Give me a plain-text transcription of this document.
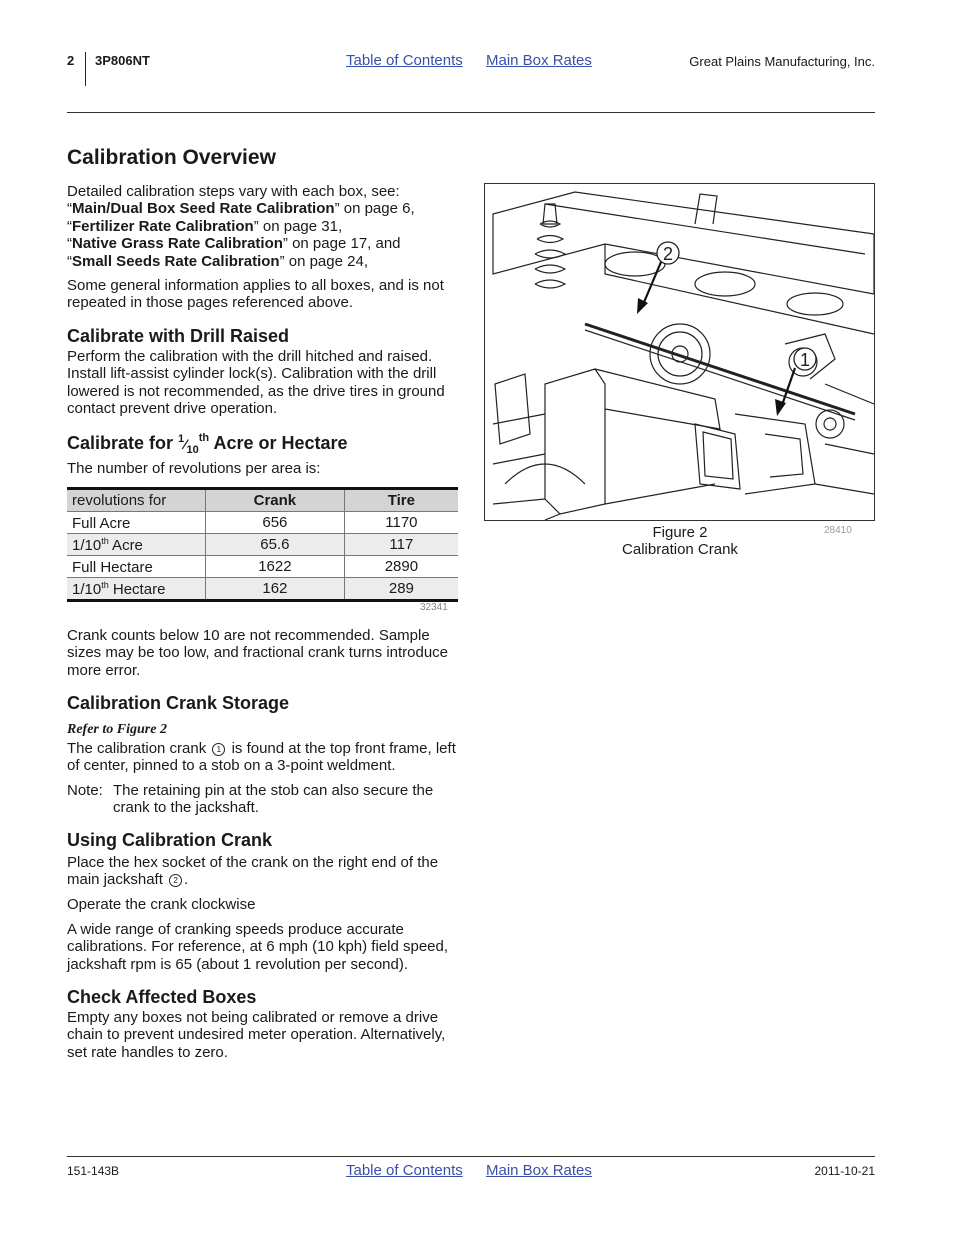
2 3P806NT	Table of Contents Main Box Rates	Great Plains Manufacturing, Inc.
Calibration Overview

Detailed calibration steps vary with each box, see:
“Main/Dual Box Seed Rate Calibration” on page 6,
“Fertilizer Rate Calibration” on page 31,
“Native Grass Rate Calibration” on page 17, and
“Small Seeds Rate Calibration” on page 24,

Some general information applies to all boxes, and is not repeated in those pages referenced above.

Calibrate with Drill Raised

Perform the calibration with the drill hitched and raised. Install lift-assist cylinder lock(s). Calibration with the drill lowered is not recommended, as the drive tires in ground contact prevent drive operation.

Calibrate for $^1⁄_{10}^{th}$ Acre or Hectare

The number of revolutions per area is:

revolutions for	Crank	Tire
Full Acre	656	1170
1/10th Acre	65.6	117
Full Hectare	1622	2890
1/10th Hectare	162	289
32341

Crank counts below 10 are not recommended. Sample sizes may be too low, and fractional crank turns introduce more error.

Calibration Crank Storage
Refer to Figure 2

The calibration crank 1 is found at the top front frame, left of center, pinned to a stob on a 3-point weldment.

Note: The retaining pin at the stob can also secure the crank to the jackshaft.
Using Calibration Crank

Place the hex socket of the crank on the right end of the main jackshaft 2 .

Operate the crank clockwise

A wide range of cranking speeds produce accurate calibrations. For reference, at 6 mph (10 kph) field speed, jackshaft rpm is 65 (about 1 revolution per second).

Check Affected Boxes

Empty any boxes not being calibrated or remove a drive chain to prevent undesired meter operation. Alternatively, set rate handles to zero.

2
1
Figure 2
Calibration Crank
28410
151-143B	Table of Contents Main Box Rates	2011-10-21
